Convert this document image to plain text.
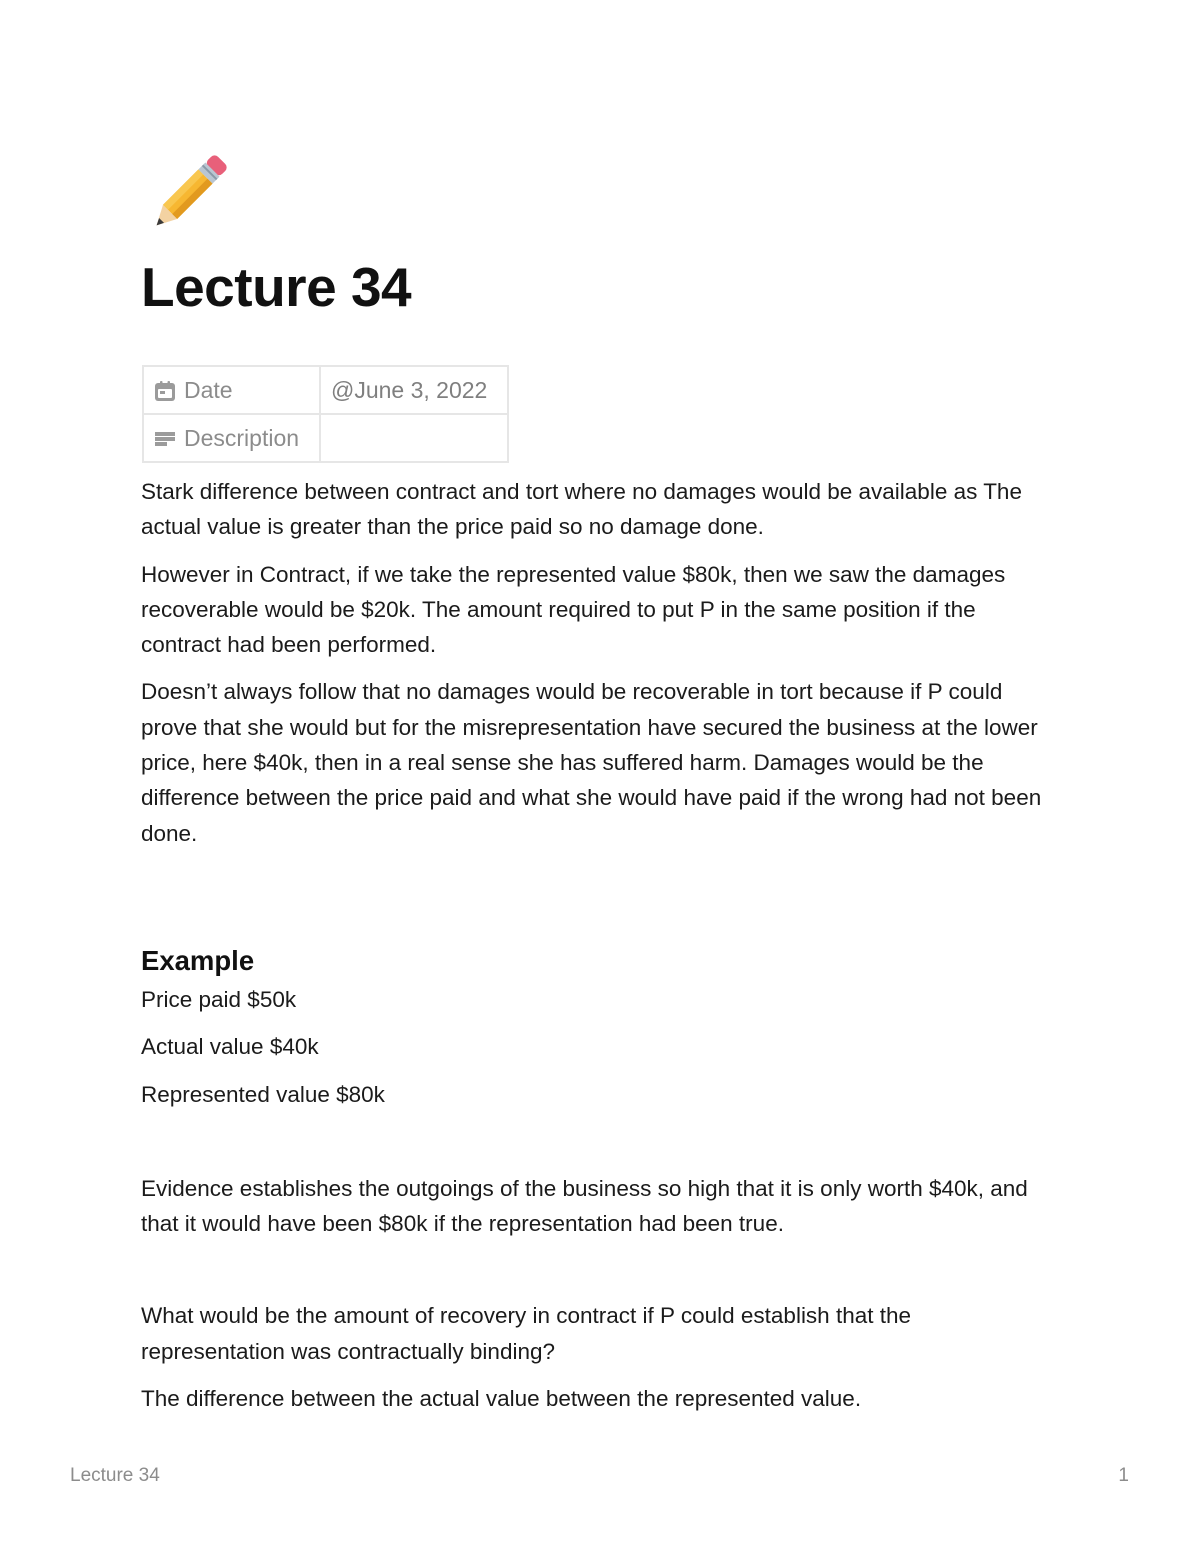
Lecture 34
Date	@June 3, 2022
Description	

Stark difference between contract and tort where no damages would be available as The actual value is greater than the price paid so no damage done.

However in Contract, if we take the represented value $80k, then we saw the damages recoverable would be $20k. The amount required to put P in the same position if the contract had been performed.

Doesn’t always follow that no damages would be recoverable in tort because if P could prove that she would but for the misrepresentation have secured the business at the lower price, here $40k, then in a real sense she has suffered harm. Damages would be the difference between the price paid and what she would have paid if the wrong had not been done.

Example

Price paid $50k

Actual value $40k

Represented value $80k

Evidence establishes the outgoings of the business so high that it is only worth $40k, and that it would have been $80k if the representation had been true.

What would be the amount of recovery in contract if P could establish that the representation was contractually binding?

The difference between the actual value between the represented value.

Lecture 34	1
